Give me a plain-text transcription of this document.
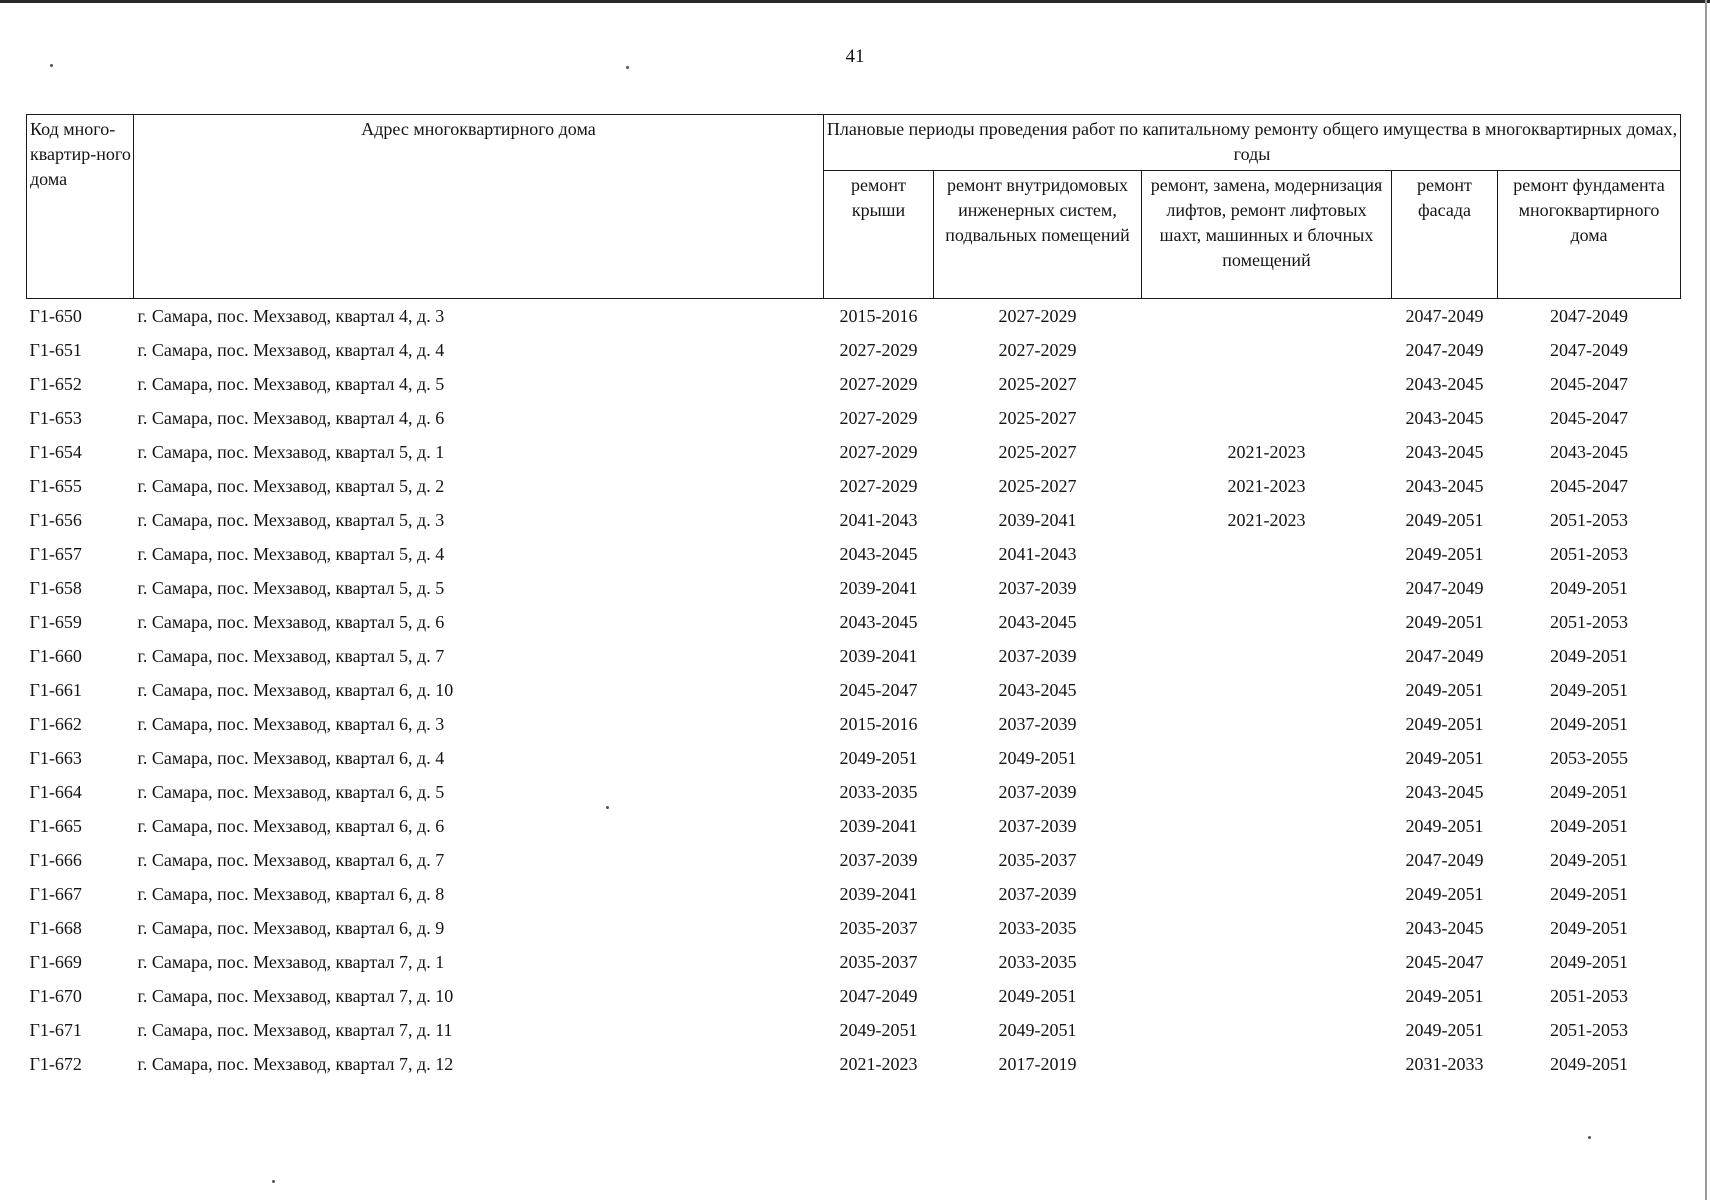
41
Код много-квартир-ного дома	Адрес многоквартирного дома	Плановые периоды проведения работ по капитальному ремонту общего имущества в многоквартирных домах, годы				
		ремонт крыши	ремонт внутридомовых инженерных систем, подвальных помещений	ремонт, замена, модернизация лифтов, ремонт лифтовых шахт, машинных и блочных помещений	ремонт фасада	ремонт фундамента многоквартирного дома
Г1-650	г. Самара, пос. Мехзавод, квартал 4, д. 3	2015-2016	2027-2029		2047-2049	2047-2049
Г1-651	г. Самара, пос. Мехзавод, квартал 4, д. 4	2027-2029	2027-2029		2047-2049	2047-2049
Г1-652	г. Самара, пос. Мехзавод, квартал 4, д. 5	2027-2029	2025-2027		2043-2045	2045-2047
Г1-653	г. Самара, пос. Мехзавод, квартал 4, д. 6	2027-2029	2025-2027		2043-2045	2045-2047
Г1-654	г. Самара, пос. Мехзавод, квартал 5, д. 1	2027-2029	2025-2027	2021-2023	2043-2045	2043-2045
Г1-655	г. Самара, пос. Мехзавод, квартал 5, д. 2	2027-2029	2025-2027	2021-2023	2043-2045	2045-2047
Г1-656	г. Самара, пос. Мехзавод, квартал 5, д. 3	2041-2043	2039-2041	2021-2023	2049-2051	2051-2053
Г1-657	г. Самара, пос. Мехзавод, квартал 5, д. 4	2043-2045	2041-2043		2049-2051	2051-2053
Г1-658	г. Самара, пос. Мехзавод, квартал 5, д. 5	2039-2041	2037-2039		2047-2049	2049-2051
Г1-659	г. Самара, пос. Мехзавод, квартал 5, д. 6	2043-2045	2043-2045		2049-2051	2051-2053
Г1-660	г. Самара, пос. Мехзавод, квартал 5, д. 7	2039-2041	2037-2039		2047-2049	2049-2051
Г1-661	г. Самара, пос. Мехзавод, квартал 6, д. 10	2045-2047	2043-2045		2049-2051	2049-2051
Г1-662	г. Самара, пос. Мехзавод, квартал 6, д. 3	2015-2016	2037-2039		2049-2051	2049-2051
Г1-663	г. Самара, пос. Мехзавод, квартал 6, д. 4	2049-2051	2049-2051		2049-2051	2053-2055
Г1-664	г. Самара, пос. Мехзавод, квартал 6, д. 5	2033-2035	2037-2039		2043-2045	2049-2051
Г1-665	г. Самара, пос. Мехзавод, квартал 6, д. 6	2039-2041	2037-2039		2049-2051	2049-2051
Г1-666	г. Самара, пос. Мехзавод, квартал 6, д. 7	2037-2039	2035-2037		2047-2049	2049-2051
Г1-667	г. Самара, пос. Мехзавод, квартал 6, д. 8	2039-2041	2037-2039		2049-2051	2049-2051
Г1-668	г. Самара, пос. Мехзавод, квартал 6, д. 9	2035-2037	2033-2035		2043-2045	2049-2051
Г1-669	г. Самара, пос. Мехзавод, квартал 7, д. 1	2035-2037	2033-2035		2045-2047	2049-2051
Г1-670	г. Самара, пос. Мехзавод, квартал 7, д. 10	2047-2049	2049-2051		2049-2051	2051-2053
Г1-671	г. Самара, пос. Мехзавод, квартал 7, д. 11	2049-2051	2049-2051		2049-2051	2051-2053
Г1-672	г. Самара, пос. Мехзавод, квартал 7, д. 12	2021-2023	2017-2019		2031-2033	2049-2051
